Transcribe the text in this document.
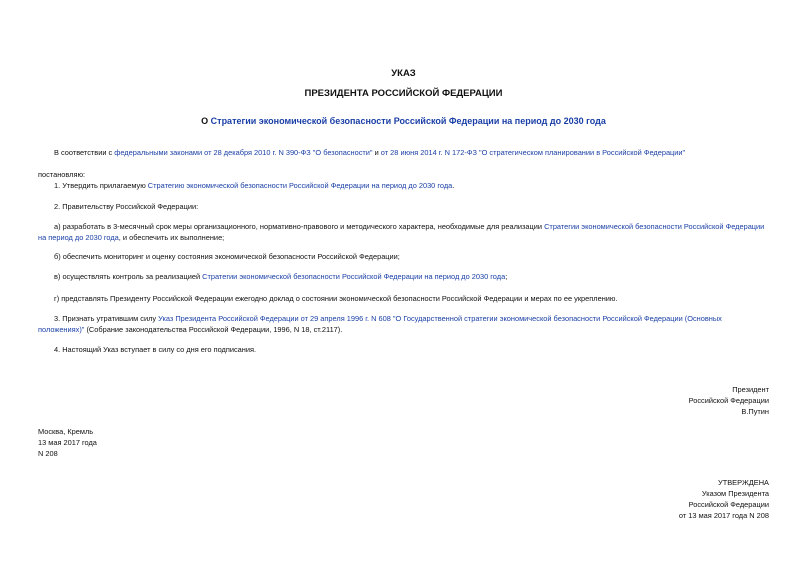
УКАЗ
ПРЕЗИДЕНТА РОССИЙСКОЙ ФЕДЕРАЦИИ
О Стратегии экономической безопасности Российской Федерации на период до 2030 года
В соответствии с федеральными законами от 28 декабря 2010 г. N 390-ФЗ "О безопасности" и от 28 июня 2014 г. N 172-ФЗ "О стратегическом планировании в Российской Федерации"
постановляю:
1. Утвердить прилагаемую Стратегию экономической безопасности Российской Федерации на период до 2030 года.
2. Правительству Российской Федерации:
а) разработать в 3-месячный срок меры организационного, нормативно-правового и методического характера, необходимые для реализации Стратегии экономической безопасности Российской Федерации на период до 2030 года, и обеспечить их выполнение;
б) обеспечить мониторинг и оценку состояния экономической безопасности Российской Федерации;
в) осуществлять контроль за реализацией Стратегии экономической безопасности Российской Федерации на период до 2030 года;
г) представлять Президенту Российской Федерации ежегодно доклад о состоянии экономической безопасности Российской Федерации и мерах по ее укреплению.
3. Признать утратившим силу Указ Президента Российской Федерации от 29 апреля 1996 г. N 608 "О Государственной стратегии экономической безопасности Российской Федерации (Основных положениях)" (Собрание законодательства Российской Федерации, 1996, N 18, ст.2117).
4. Настоящий Указ вступает в силу со дня его подписания.
Президент
Российской Федерации
В.Путин
Москва, Кремль
13 мая 2017 года
N 208
УТВЕРЖДЕНА
Указом Президента
Российской Федерации
от 13 мая 2017 года N 208
